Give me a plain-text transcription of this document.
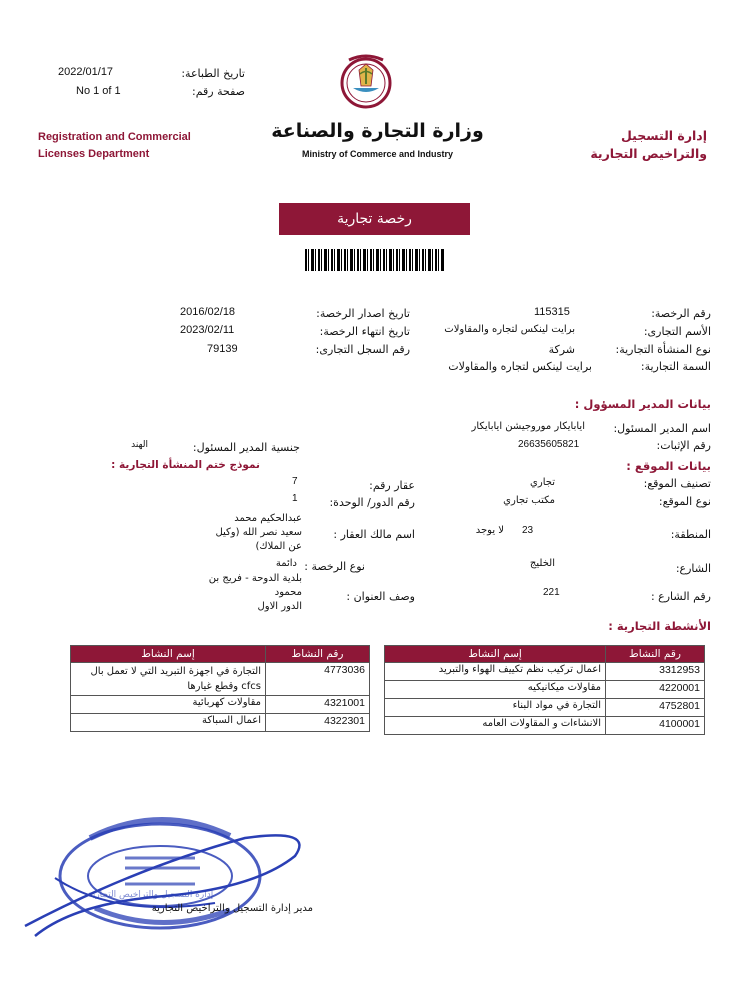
2022/01/17
No 1 of 1
تاريخ الطباعة:
صفحة رقم:
Registration and Commercial
Licenses Department
وزارة التجارة والصناعة
Ministry of Commerce and Industry
إدارة التسجيل
والتراخيص التجارية
رخصة تجارية
رقم الرخصة:
115315
الأسم التجارى:
برايت لينكس لتجاره والمقاولات
نوع المنشأة التجارية:
شركة
السمة التجارية:
برايت لينكس لتجاره والمقاولات
تاريخ اصدار الرخصة:
2016/02/18
تاريخ انتهاء الرخصة:
2023/02/11
رقم السجل التجارى:
79139
بيانات المدير المسؤول :
اسم المدير المسئول:
ايابايكار موروجيشن ايابايكار
رقم الإثبات:
26635605821
جنسية المدير المسئول:
الهند
نموذج ختم المنشأة التجارية :	بيانات الموقع :
تصنيف الموقع:
تجاري
نوع الموقع:
مكتب تجاري
المنطقة:
23
لا يوجد
الشارع:
الخليج
رقم الشارع :
221
عقار رقم:
7
رقم الدور/ الوحدة:
1
اسم مالك العقار :
عبدالحكيم محمد
سعيد نصر الله (وكيل
عن الملاك)
نوع الرخصة :
دائمة
وصف العنوان :
بلدية الدوحة - فريج بن
محمود
الدور الاول
الأنشطة التجارية :
رقم النشاط	إسم النشاط
3312953	اعمال تركيب نظم تكييف الهواء والتبريد
4220001	مقاولات ميكانيكيه
4752801	التجارة في مواد البناء
4100001	الانشاءات و المقاولات العامه
رقم النشاط	إسم النشاط
4773036	التجارة في اجهزة التبريد التي لا تعمل بال cfcs وقطع غيارها
4321001	مقاولات كهربائية
4322301	اعمال السباكة
إدارة التسجيل والتراخيص التجارية
مدير إدارة التسجيل والتراخيص التجارية
